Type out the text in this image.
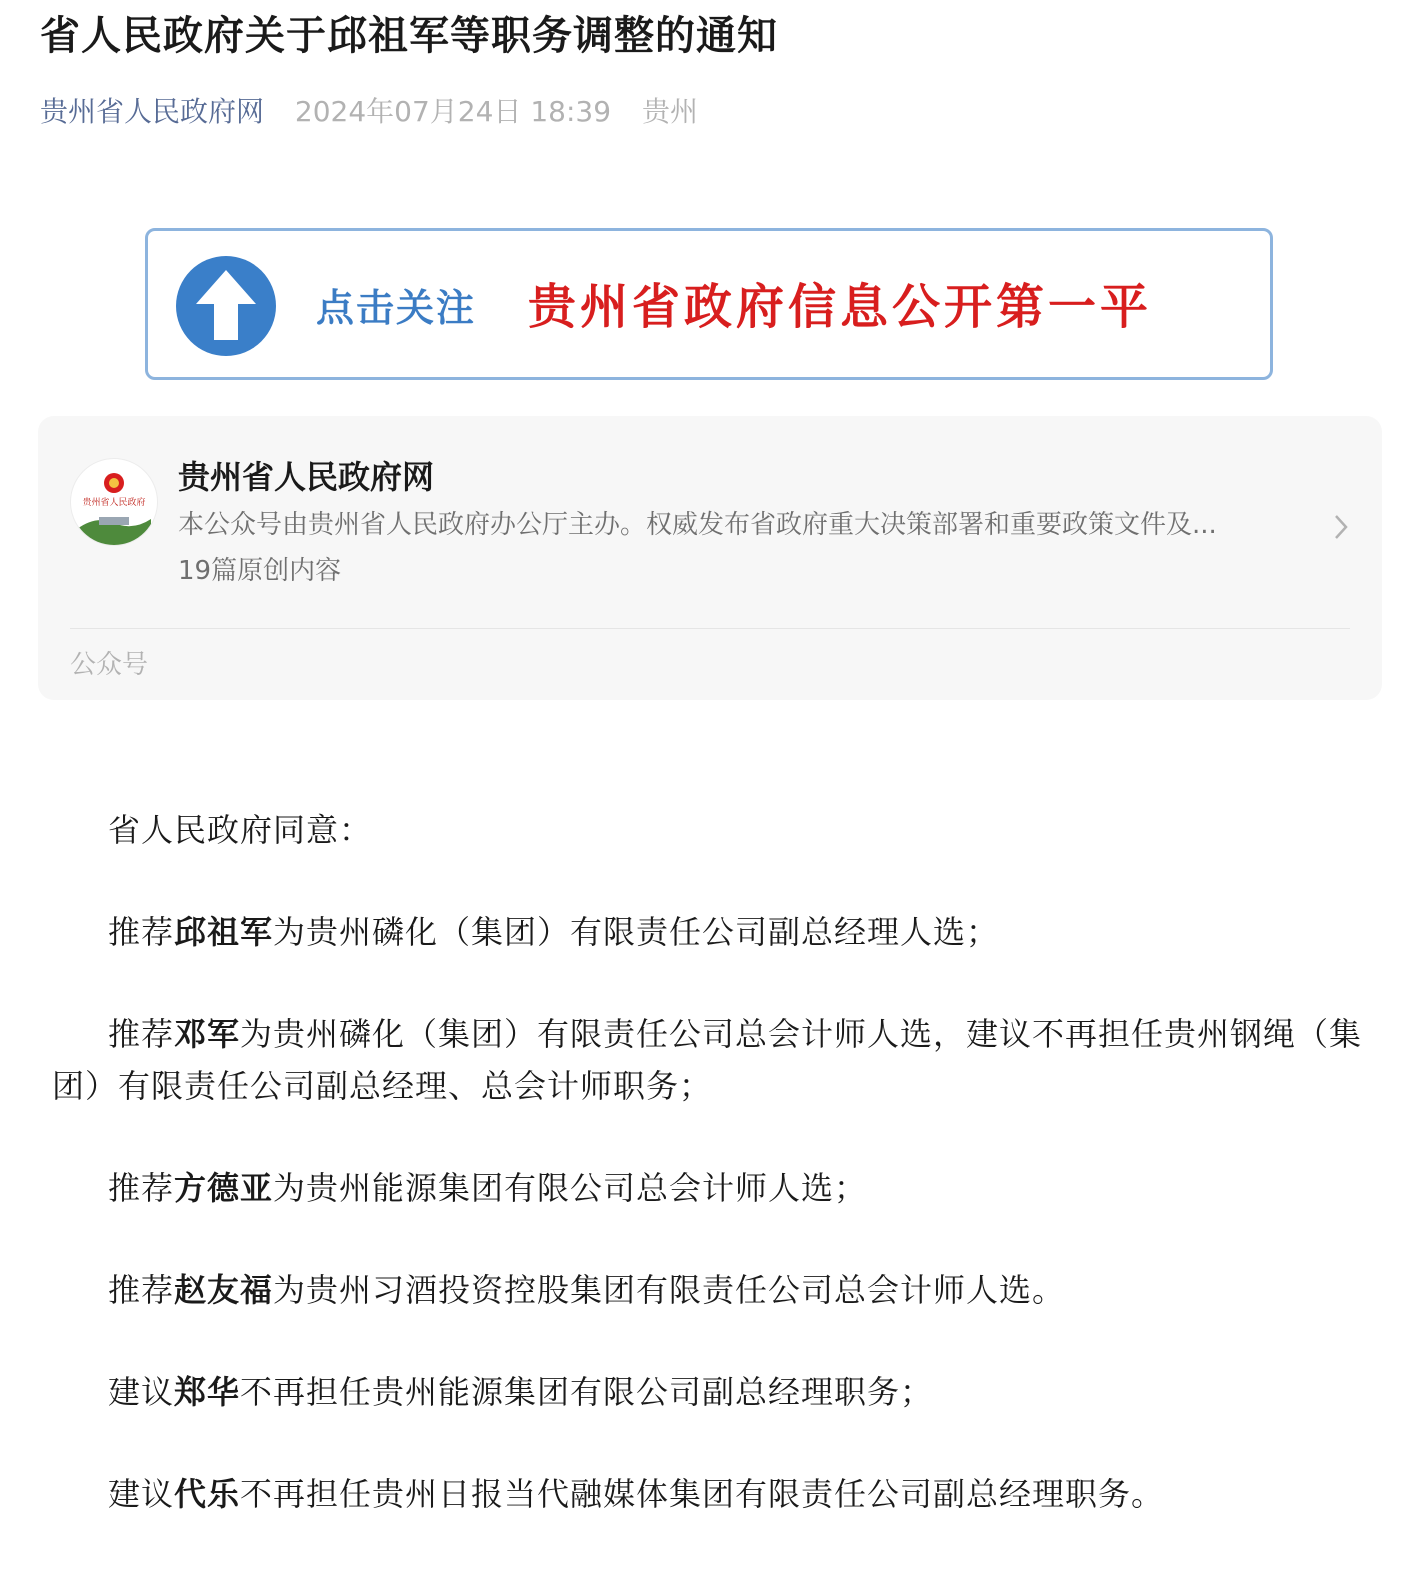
省人民政府关于邱祖军等职务调整的通知
贵州省人民政府网 2024年07月24日 18:39 贵州
点击关注 贵州省政府信息公开第一平
贵州省人民政府
贵州省人民政府网
本公众号由贵州省人民政府办公厅主办。权威发布省政府重大决策部署和重要政策文件及...
19篇原创内容
公众号

省人民政府同意：

推荐邱祖军为贵州磷化（集团）有限责任公司副总经理人选；

推荐邓军为贵州磷化（集团）有限责任公司总会计师人选，建议不再担任贵州钢绳（集团）有限责任公司副总经理、总会计师职务；

推荐方德亚为贵州能源集团有限公司总会计师人选；

推荐赵友福为贵州习酒投资控股集团有限责任公司总会计师人选。

建议郑华不再担任贵州能源集团有限公司副总经理职务；

建议代乐不再担任贵州日报当代融媒体集团有限责任公司副总经理职务。
